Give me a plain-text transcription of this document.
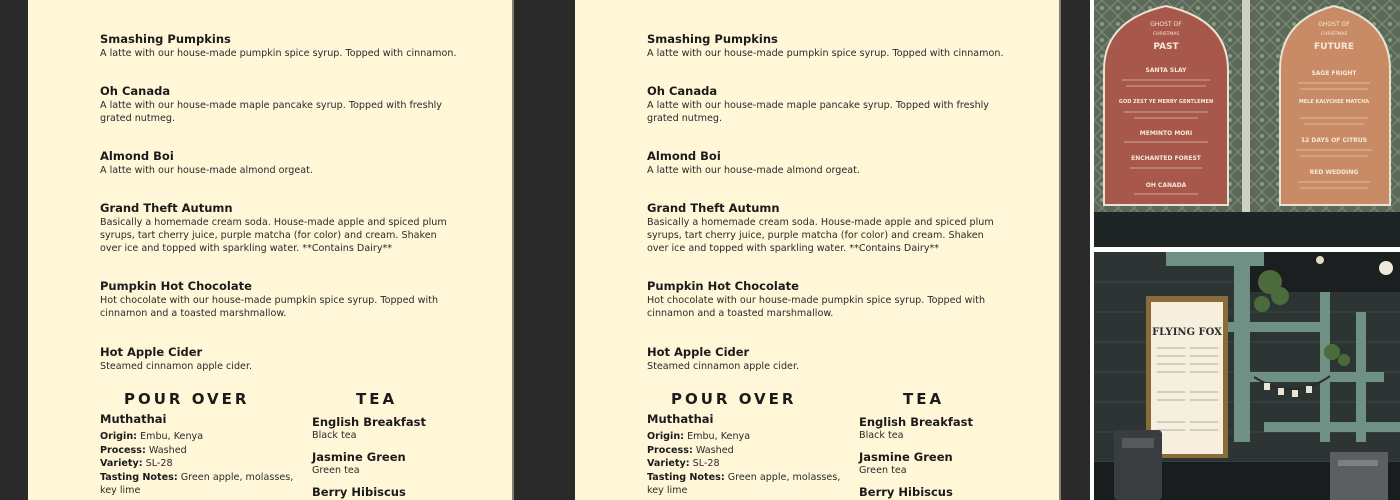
Smashing Pumpkins
A latte with our house-made pumpkin spice syrup. Topped with cinnamon.
Oh Canada
A latte with our house-made maple pancake syrup. Topped with freshly grated nutmeg.
Almond Boi
A latte with our house-made almond orgeat.
Grand Theft Autumn
Basically a homemade cream soda. House-made apple and spiced plum syrups, tart cherry juice, purple matcha (for color) and cream. Shaken over ice and topped with sparkling water. **Contains Dairy**
Pumpkin Hot Chocolate
Hot chocolate with our house-made pumpkin spice syrup. Topped with cinnamon and a toasted marshmallow.
Hot Apple Cider
Steamed cinnamon apple cider.
POUR OVER	TEA
Muthathai
Origin: Embu, Kenya
Process: Washed
Variety: SL-28
Tasting Notes: Green apple, molasses, key lime
English Breakfast
Black tea
Jasmine Green
Green tea
Berry Hibiscus
Smashing Pumpkins
A latte with our house-made pumpkin spice syrup. Topped with cinnamon.
Oh Canada
A latte with our house-made maple pancake syrup. Topped with freshly grated nutmeg.
Almond Boi
A latte with our house-made almond orgeat.
Grand Theft Autumn
Basically a homemade cream soda. House-made apple and spiced plum syrups, tart cherry juice, purple matcha (for color) and cream. Shaken over ice and topped with sparkling water. **Contains Dairy**
Pumpkin Hot Chocolate
Hot chocolate with our house-made pumpkin spice syrup. Topped with cinnamon and a toasted marshmallow.
Hot Apple Cider
Steamed cinnamon apple cider.
POUR OVER	TEA
Muthathai
Origin: Embu, Kenya
Process: Washed
Variety: SL-28
Tasting Notes: Green apple, molasses, key lime
English Breakfast
Black tea
Jasmine Green
Green tea
Berry Hibiscus
GHOST OF
CHRISTMAS
PAST
SANTA SLAY
GOD ZEST YE MERRY GENTLEMEN
MEMINTO MORI
ENCHANTED FOREST
OH CANADA
GHOST OF
CHRISTMAS
FUTURE
SAGE FRIGHT
MELE KALYCHEE MATCHA
12 DAYS OF CITRUS
RED WEDDING
FLYING FOX
